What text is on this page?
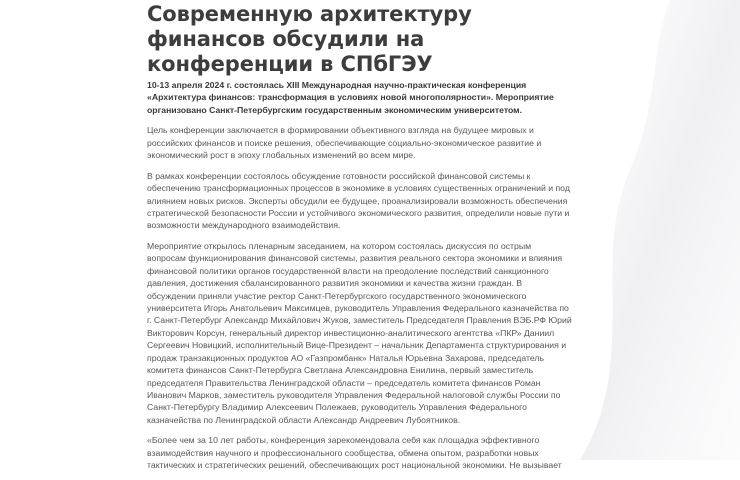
Современную архитектуру финансов обсудили на конференции в СПбГЭУ

10-13 апреля 2024 г. состоялась XIII Международная научно-практическая конференция «Архитектура финансов: трансформация в условиях новой многополярности». Мероприятие организовано Санкт-Петербургским государственным экономическим университетом.

Цель конференции заключается в формировании объективного взгляда на будущее мировых и российских финансов и поиске решения, обеспечивающие социально-экономическое развитие и экономический рост в эпоху глобальных изменений во всем мире.

В рамках конференции состоялось обсуждение готовности российской финансовой системы к обеспечению трансформационных процессов в экономике в условиях существенных ограничений и под влиянием новых рисков. Эксперты обсудили ее будущее, проанализировали возможность обеспечения стратегической безопасности России и устойчивого экономического развития, определили новые пути и возможности международного взаимодействия.

Мероприятие открылось пленарным заседанием, на котором состоялась дискуссия по острым вопросам функционирования финансовой системы, развития реального сектора экономики и влияния финансовой политики органов государственной власти на преодоление последствий санкционного давления, достижения сбалансированного развития экономики и качества жизни граждан. В обсуждении приняли участие ректор Санкт-Петербургского государственного экономического университета Игорь Анатольевич Максимцев, руководитель Управления Федерального казначейства по г. Санкт-Петербург Александр Михайлович Жуков, заместитель Председателя Правления ВЭБ.РФ Юрий Викторович Корсун, генеральный директор инвестиционно-аналитического агентства «ПКР» Даниил Сергеевич Новицкий, исполнительный Вице-Президент – начальник Департамента структурирования и продаж транзакционных продуктов АО «Газпромбанк» Наталья Юрьевна Захарова, председатель комитета финансов Санкт-Петербурга Светлана Александровна Енилина, первый заместитель председателя Правительства Ленинградской области – председатель комитета финансов Роман Иванович Марков, заместитель руководителя Управления Федеральной налоговой службы России по Санкт-Петербургу Владимир Алексеевич Полежаев, руководитель Управления Федерального казначейства по Ленинградской области Александр Андреевич Лубоятников.

«Более чем за 10 лет работы, конференция зарекомендовала себя как площадка эффективного взаимодействия научного и профессионального сообщества, обмена опытом, разработки новых тактических и стратегических решений, обеспечивающих рост национальной экономики. Не вызывает
